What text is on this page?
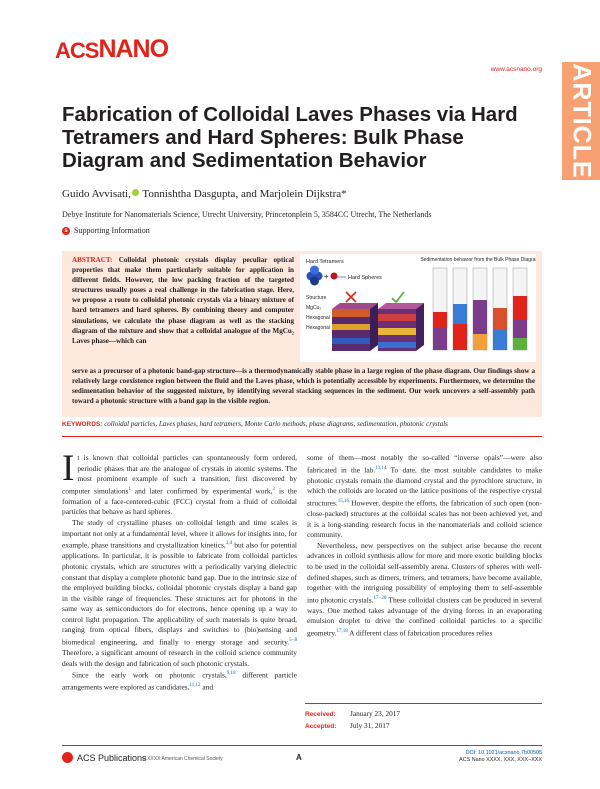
ACS NANO
www.acsnano.org ARTICLE
Fabrication of Colloidal Laves Phases via Hard Tetramers and Hard Spheres: Bulk Phase Diagram and Sedimentation Behavior
Guido Avvisati, Tonnishtha Dasgupta, and Marjolein Dijkstra*
Debye Institute for Nanomaterials Science, Utrecht University, Princetonplein 5, 3584CC Utrecht, The Netherlands
s Supporting Information
ABSTRACT: Colloidal photonic crystals display peculiar optical properties that make them particularly suitable for application in different fields. However, the low packing fraction of the targeted structures usually poses a real challenge in the fabrication stage. Here, we propose a route to colloidal photonic crystals via a binary mixture of hard tetramers and hard spheres. By combining theory and computer simulations, we calculate the phase diagram as well as the stacking diagram of the mixture and show that a colloidal analogue of the MgCu₂ Laves phase—which can
serve as a precursor of a photonic band-gap structure—is a thermodynamically stable phase in a large region of the phase diagram. Our findings show a relatively large coexistence region between the fluid and the Laves phase, which is potentially accessible by experiments. Furthermore, we determine the sedimentation behavior of the suggested mixture, by identifying several stacking sequences in the sediment. Our work uncovers a self-assembly path toward a photonic structure with a band gap in the visible region.
Hard Tetramers
+	Hard Spheres
Structure
MgCu₂
Hexagonal
Hexagonal
Sedimentation behavior from the Bulk Phase Diagram
KEYWORDS: colloidal particles, Laves phases, hard tetramers, Monte Carlo methods, phase diagrams, sedimentation, photonic crystals

It is known that colloidal particles can spontaneously form ordered, periodic phases that are the analogue of crystals in atomic systems. The most prominent example of such a transition, first discovered by computer simulations$^1$ and later confirmed by experimental work,$^2$ is the formation of a face-centered-cubic (FCC) crystal from a fluid of colloidal particles that behave as hard spheres.

The study of crystalline phases on colloidal length and time scales is important not only at a fundamental level, where it allows for insights into, for example, phase transitions and crystallization kinetics,$^{3,4}$ but also for potential applications. In particular, it is possible to fabricate from colloidal particles photonic crystals, which are structures with a periodically varying dielectric constant that display a complete photonic band gap. Due to the intrinsic size of the employed building blocks, colloidal photonic crystals display a band gap in the visible range of frequencies. These structures act for photons in the same way as semiconductors do for electrons, hence opening up a way to control light propagation. The applicability of such materials is quite broad, ranging from optical fibers, displays and switches to (bio)sensing and biomedical engineering, and finally to energy storage and security.$^{5-8}$ Therefore, a significant amount of research in the colloid science community deals with the design and fabrication of such photonic crystals.

Since the early work on photonic crystals,$^{9,10}$ different particle arrangements were explored as candidates,$^{11,12}$ and

some of them—most notably the so-called “inverse opals”—were also fabricated in the lab.$^{13,14}$ To date, the most suitable candidates to make photonic crystals remain the diamond crystal and the pyrochlore structure, in which the colloids are located on the lattice positions of the respective crystal structures.$^{15,16}$ However, despite the efforts, the fabrication of such open (non-close-packed) structures at the colloidal scales has not been achieved yet, and it is a long-standing research focus in the nanomaterials and colloid science community.

Nevertheless, new perspectives on the subject arise because the recent advances in colloid synthesis allow for more and more exotic building blocks to be used in the colloidal self-assembly arena. Clusters of spheres with well-defined shapes, such as dimers, trimers, and tetramers, have become available, together with the intriguing possibility of employing them to self-assemble into photonic crystals.$^{17-20}$ These colloidal clusters can be produced in several ways. One method takes advantage of the drying forces in an evaporating emulsion droplet to drive the confined colloidal particles to a specific geometry.$^{17,18}$ A different class of fabrication procedures relies

Received: January 23, 2017
Accepted: July 31, 2017
ACS Publications
© XXXX American Chemical Society	A	DOI: 10.1021/acsnano.7b00505
ACS Nano XXXX, XXX, XXX−XXX
